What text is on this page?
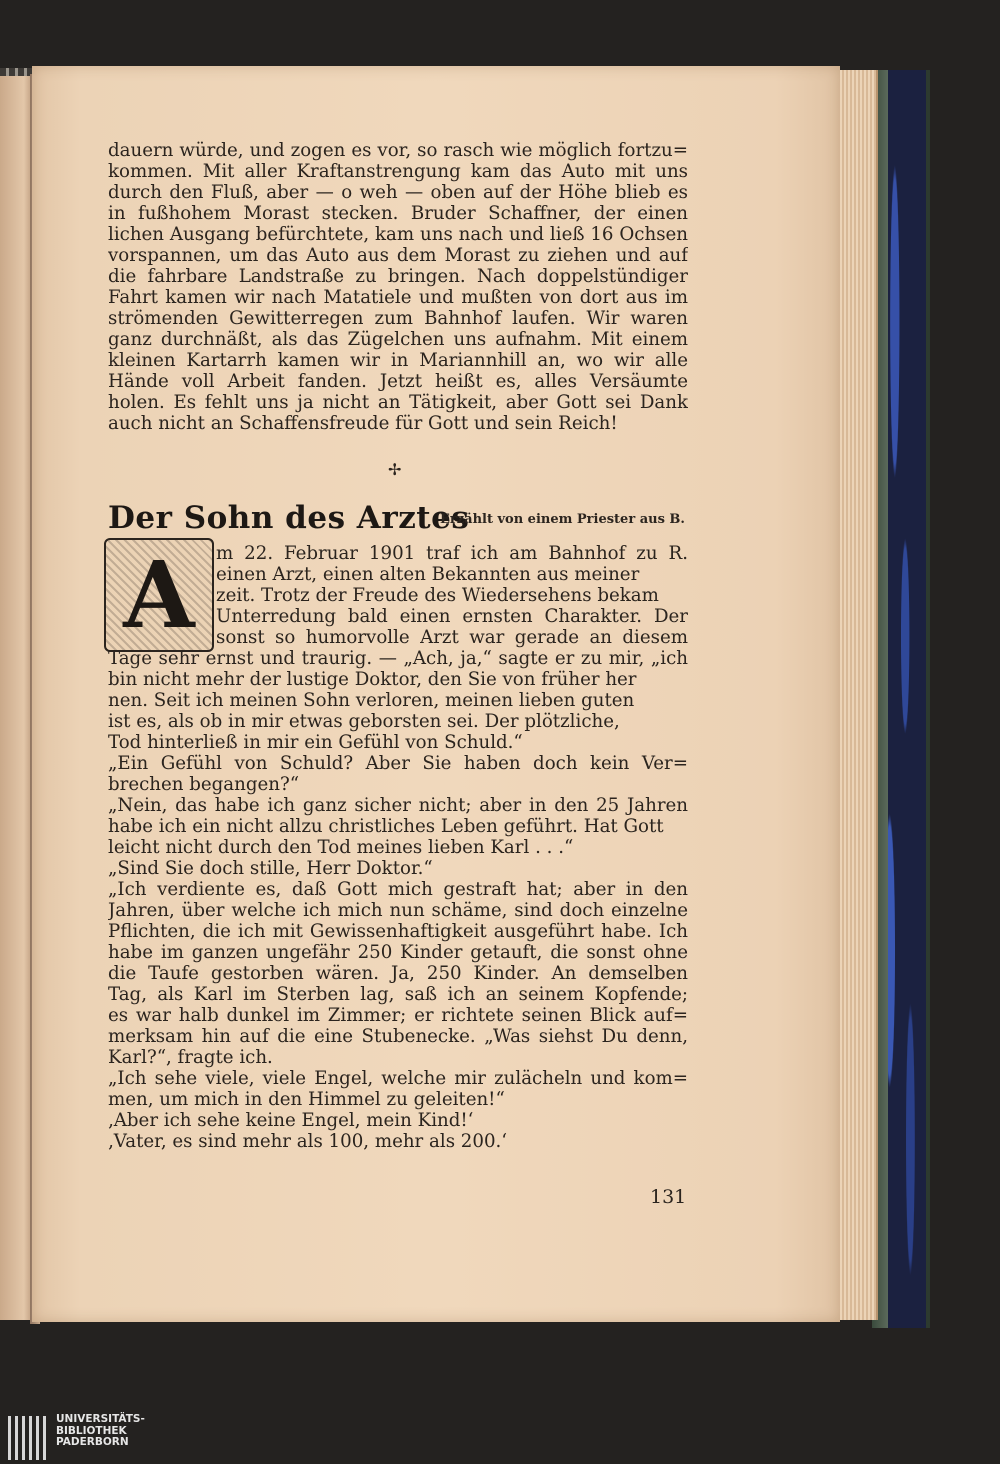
dauern würde, und zogen es vor, so rasch wie möglich fortzu=
kommen. Mit aller Kraftanstrengung kam das Auto mit uns
durch den Fluß, aber — o weh — oben auf der Höhe blieb es
in fußhohem Morast stecken. Bruder Schaffner, der einen
lichen Ausgang befürchtete, kam uns nach und ließ 16 Ochsen
vorspannen, um das Auto aus dem Morast zu ziehen und auf
die fahrbare Landstraße zu bringen. Nach doppelstündiger
Fahrt kamen wir nach Matatiele und mußten von dort aus im
strömenden Gewitterregen zum Bahnhof laufen. Wir waren
ganz durchnäßt, als das Zügelchen uns aufnahm. Mit einem
kleinen Kartarrh kamen wir in Mariannhill an, wo wir alle
Hände voll Arbeit fanden. Jetzt heißt es, alles Versäumte
holen. Es fehlt uns ja nicht an Tätigkeit, aber Gott sei Dank
auch nicht an Schaffensfreude für Gott und sein Reich!
✢
Der Sohn des Arztes
Erzählt von einem Priester aus B.
A	m 22. Februar 1901 traf ich am Bahnhof zu R.
einen Arzt, einen alten Bekannten aus meiner
zeit. Trotz der Freude des Wiedersehens bekam
Unterredung bald einen ernsten Charakter. Der
sonst so humorvolle Arzt war gerade an diesem
Tage sehr ernst und traurig. — „Ach, ja,“ sagte er zu mir, „ich
bin nicht mehr der lustige Doktor, den Sie von früher her
nen. Seit ich meinen Sohn verloren, meinen lieben guten
ist es, als ob in mir etwas geborsten sei. Der plötzliche,
Tod hinterließ in mir ein Gefühl von Schuld.“
„Ein Gefühl von Schuld? Aber Sie haben doch kein Ver=
brechen begangen?“
„Nein, das habe ich ganz sicher nicht; aber in den 25 Jahren
habe ich ein nicht allzu christliches Leben geführt. Hat Gott
leicht nicht durch den Tod meines lieben Karl . . .“
„Sind Sie doch stille, Herr Doktor.“
„Ich verdiente es, daß Gott mich gestraft hat; aber in den
Jahren, über welche ich mich nun schäme, sind doch einzelne
Pflichten, die ich mit Gewissenhaftigkeit ausgeführt habe. Ich
habe im ganzen ungefähr 250 Kinder getauft, die sonst ohne
die Taufe gestorben wären. Ja, 250 Kinder. An demselben
Tag, als Karl im Sterben lag, saß ich an seinem Kopfende;
es war halb dunkel im Zimmer; er richtete seinen Blick auf=
merksam hin auf die eine Stubenecke. „Was siehst Du denn,
Karl?“, fragte ich.
„Ich sehe viele, viele Engel, welche mir zulächeln und kom=
men, um mich in den Himmel zu geleiten!“
‚Aber ich sehe keine Engel, mein Kind!‘
‚Vater, es sind mehr als 100, mehr als 200.‘
131
UNIVERSITÄTS-
BIBLIOTHEK
PADERBORN
